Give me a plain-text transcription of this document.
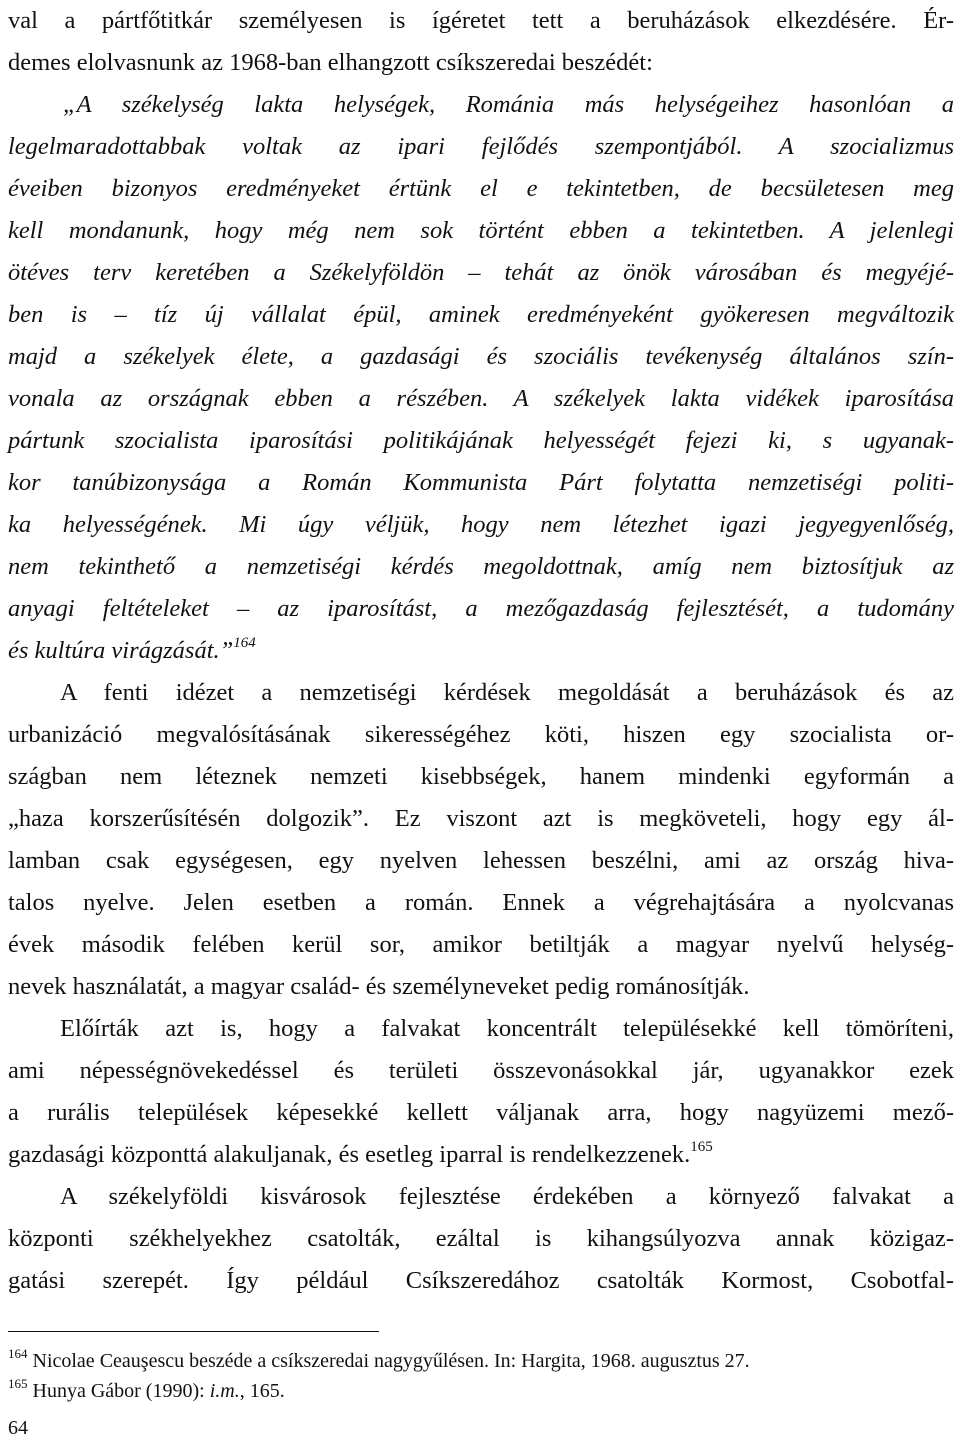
val a pártfőtitkár személyesen is ígéretet tett a beruházások elkezdésére. Ér-
demes elolvasnunk az 1968-ban elhangzott csíkszeredai beszédét:
„A székelység lakta helységek, Románia más helységeihez hasonlóan a
legelmaradottabbak voltak az ipari fejlődés szempontjából. A szocializmus
éveiben bizonyos eredményeket értünk el e tekintetben, de becsületesen meg
kell mondanunk, hogy még nem sok történt ebben a tekintetben. A jelenlegi
ötéves terv keretében a Székelyföldön – tehát az önök városában és megyéjé-
ben is – tíz új vállalat épül, aminek eredményeként gyökeresen megváltozik
majd a székelyek élete, a gazdasági és szociális tevékenység általános szín-
vonala az országnak ebben a részében. A székelyek lakta vidékek iparosítása
pártunk szocialista iparosítási politikájának helyességét fejezi ki, s ugyanak-
kor tanúbizonysága a Román Kommunista Párt folytatta nemzetiségi politi-
ka helyességének. Mi úgy véljük, hogy nem létezhet igazi jegyegyenlőség,
nem tekinthető a nemzetiségi kérdés megoldottnak, amíg nem biztosítjuk az
anyagi feltételeket – az iparosítást, a mezőgazdaság fejlesztését, a tudomány
és kultúra virágzását.”$^{164}$
A fenti idézet a nemzetiségi kérdések megoldását a beruházások és az
urbanizáció megvalósításának sikerességéhez köti, hiszen egy szocialista or-
szágban nem léteznek nemzeti kisebbségek, hanem mindenki egyformán a
„haza korszerűsítésén dolgozik”. Ez viszont azt is megköveteli, hogy egy ál-
lamban csak egységesen, egy nyelven lehessen beszélni, ami az ország hiva-
talos nyelve. Jelen esetben a román. Ennek a végrehajtására a nyolcvanas
évek második felében kerül sor, amikor betiltják a magyar nyelvű helység-
nevek használatát, a magyar család- és személyneveket pedig románosítják.
Előírták azt is, hogy a falvakat koncentrált településekké kell tömöríteni,
ami népességnövekedéssel és területi összevonásokkal jár, ugyanakkor ezek
a rurális települések képesekké kellett váljanak arra, hogy nagyüzemi mező-
gazdasági központtá alakuljanak, és esetleg iparral is rendelkezzenek.$^{165}$
A székelyföldi kisvárosok fejlesztése érdekében a környező falvakat a
központi székhelyekhez csatolták, ezáltal is kihangsúlyozva annak közigaz-
gatási szerepét. Így például Csíkszeredához csatolták Kormost, Csobotfal-
$^{164}$ Nicolae Ceauşescu beszéde a csíkszeredai nagygyűlésen. In: Hargita, 1968. augusztus 27.
$^{165}$ Hunya Gábor (1990): i.m., 165.
64
